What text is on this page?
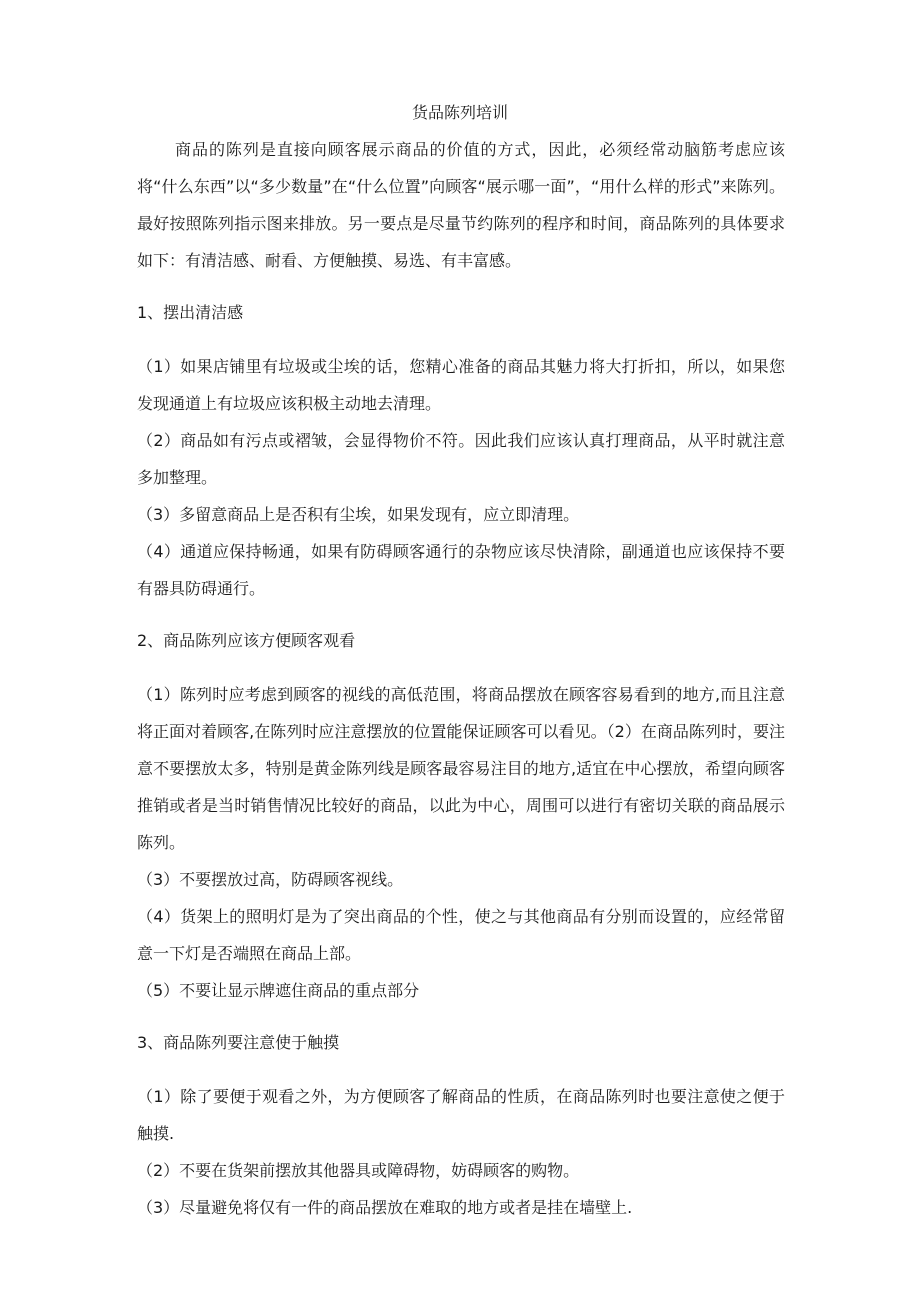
货品陈列培训

商品的陈列是直接向顾客展示商品的价值的方式，因此，必须经常动脑筋考虑应该将“什么东西”以“多少数量”在“什么位置”向顾客“展示哪一面”，“用什么样的形式”来陈列。最好按照陈列指示图来排放。另一要点是尽量节约陈列的程序和时间，商品陈列的具体要求如下：有清洁感、耐看、方便触摸、易选、有丰富感。

1、摆出清洁感

（1）如果店铺里有垃圾或尘埃的话，您精心准备的商品其魅力将大打折扣，所以，如果您发现通道上有垃圾应该积极主动地去清理。

（2）商品如有污点或褶皱，会显得物价不符。因此我们应该认真打理商品，从平时就注意多加整理。

（3）多留意商品上是否积有尘埃，如果发现有，应立即清理。

（4）通道应保持畅通，如果有防碍顾客通行的杂物应该尽快清除，副通道也应该保持不要有器具防碍通行。

2、商品陈列应该方便顾客观看

（1）陈列时应考虑到顾客的视线的高低范围，将商品摆放在顾客容易看到的地方,而且注意将正面对着顾客,在陈列时应注意摆放的位置能保证顾客可以看见。（2）在商品陈列时，要注意不要摆放太多，特别是黄金陈列线是顾客最容易注目的地方,适宜在中心摆放，希望向顾客推销或者是当时销售情况比较好的商品，以此为中心，周围可以进行有密切关联的商品展示陈列。

（3）不要摆放过高，防碍顾客视线。

（4）货架上的照明灯是为了突出商品的个性，使之与其他商品有分别而设置的，应经常留意一下灯是否端照在商品上部。

（5）不要让显示牌遮住商品的重点部分

3、商品陈列要注意使于触摸

（1）除了要便于观看之外，为方便顾客了解商品的性质，在商品陈列时也要注意使之便于触摸.

（2）不要在货架前摆放其他器具或障碍物，妨碍顾客的购物。

（3）尽量避免将仅有一件的商品摆放在难取的地方或者是挂在墙壁上.
